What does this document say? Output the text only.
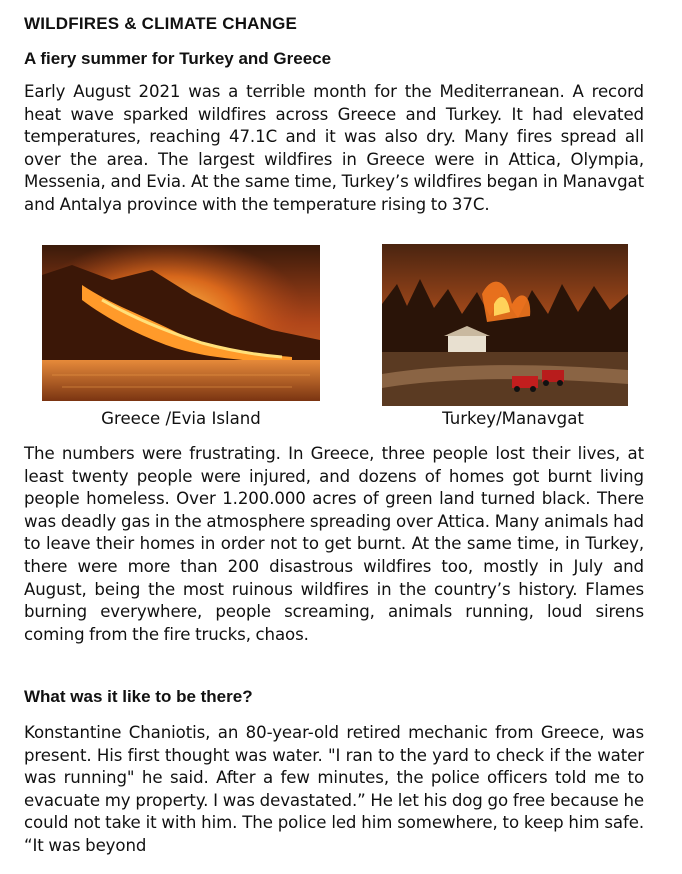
WILDFIRES & CLIMATE CHANGE
A fiery summer for Turkey and Greece

Early August 2021 was a terrible month for the Mediterranean. A record heat wave sparked wildfires across Greece and Turkey. It had elevated temperatures, reaching 47.1C and it was also dry. Many fires spread all over the area. The largest wildfires in Greece were in Attica, Olympia, Messenia, and Evia. At the same time, Turkey’s wildfires began in Manavgat and Antalya province with the temperature rising to 37C.

Greece /Evia Island	Turkey/Manavgat

The numbers were frustrating. In Greece, three people lost their lives, at least twenty people were injured, and dozens of homes got burnt living people homeless. Over 1.200.000 acres of green land turned black. There was deadly gas in the atmosphere spreading over Attica. Many animals had to leave their homes in order not to get burnt. At the same time, in Turkey, there were more than 200 disastrous wildfires too, mostly in July and August, being the most ruinous wildfires in the country’s history. Flames burning everywhere, people screaming, animals running, loud sirens coming from the fire trucks, chaos.

What was it like to be there?

Konstantine Chaniotis, an 80-year-old retired mechanic from Greece, was present. His first thought was water. "I ran to the yard to check if the water was running" he said. After a few minutes, the police officers told me to evacuate my property. I was devastated.” He let his dog go free because he could not take it with him. The police led him somewhere, to keep him safe. “It was beyond
